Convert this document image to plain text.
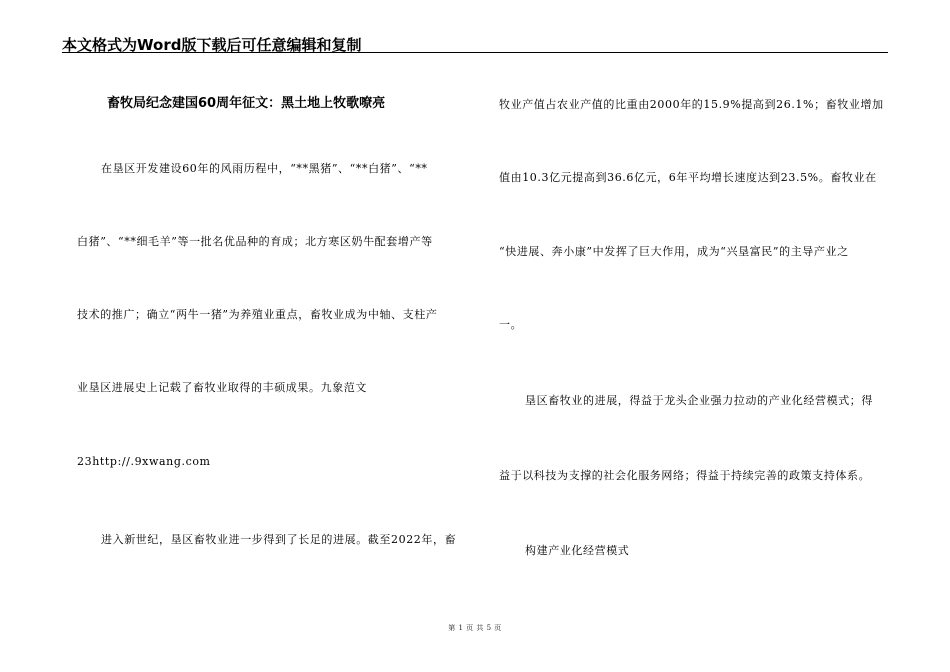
本文格式为Word版下载后可任意编辑和复制
畜牧局纪念建国60周年征文：黑土地上牧歌嘹亮
在垦区开发建设60年的风雨历程中，“**黑猪”、“**白猪”、“**
白猪”、“**细毛羊”等一批名优品种的育成；北方寒区奶牛配套增产等
技术的推广；确立“两牛一猪”为养殖业重点，畜牧业成为中轴、支柱产
业垦区进展史上记载了畜牧业取得的丰硕成果。九象范文
23http://.9xwang.com
进入新世纪，垦区畜牧业进一步得到了长足的进展。截至2022年，畜
牧业产值占农业产值的比重由2000年的15.9%提高到26.1%；畜牧业增加
值由10.3亿元提高到36.6亿元，6年平均增长速度达到23.5%。畜牧业在
“快进展、奔小康”中发挥了巨大作用，成为“兴垦富民”的主导产业之
一。
垦区畜牧业的进展，得益于龙头企业强力拉动的产业化经营模式；得
益于以科技为支撑的社会化服务网络；得益于持续完善的政策支持体系。
构建产业化经营模式
第 1 页 共 5 页
